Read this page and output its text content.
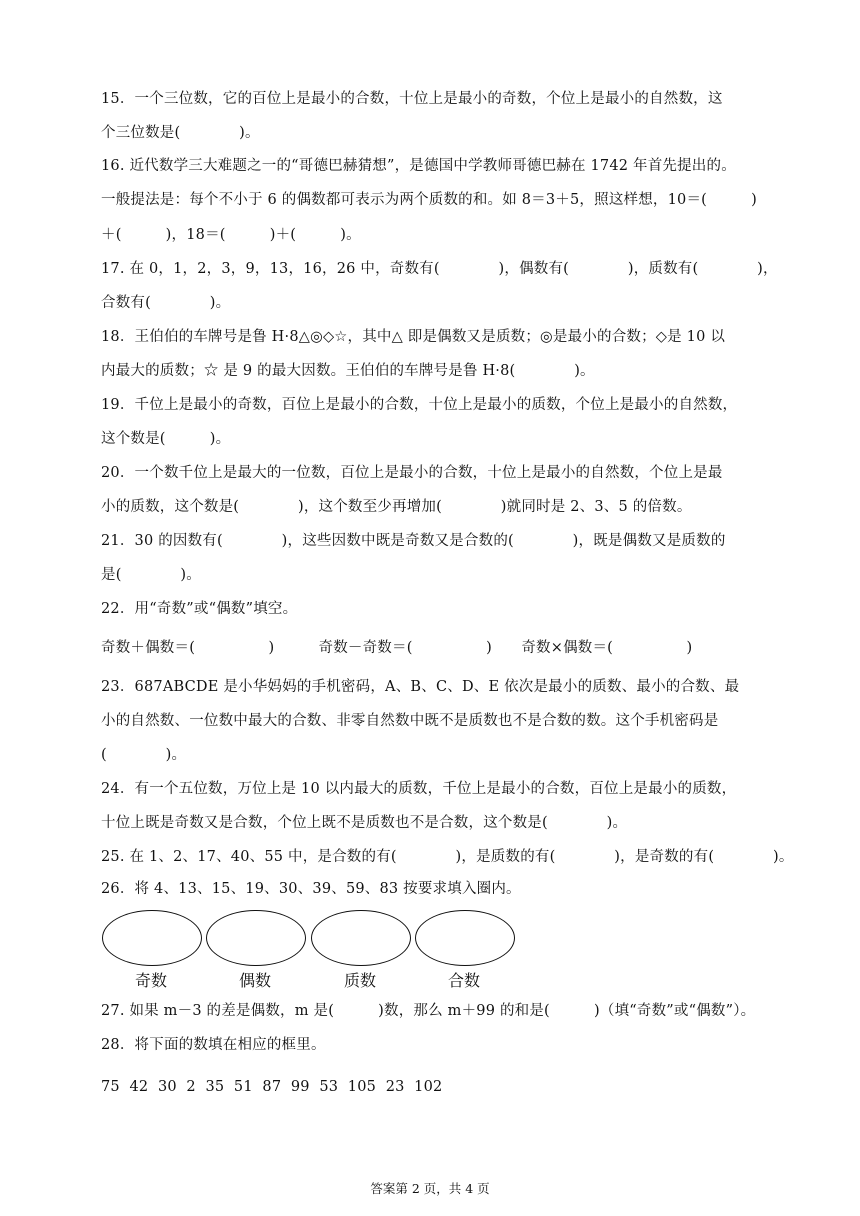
15．一个三位数，它的百位上是最小的合数，十位上是最小的奇数，个位上是最小的自然数，这
个三位数是(　　　　)。
16. 近代数学三大难题之一的“哥德巴赫猜想”，是德国中学教师哥德巴赫在 1742 年首先提出的。
一般提法是：每个不小于 6 的偶数都可表示为两个质数的和。如 8＝3＋5，照这样想，10＝(　　　)
＋(　　　)，18＝(　　　)＋(　　　)。
17. 在 0，1，2，3，9，13，16，26 中，奇数有(　　　　)，偶数有(　　　　)，质数有(　　　　)，
合数有(　　　　)。
18．王伯伯的车牌号是鲁 H·8△◎◇☆，其中△ 即是偶数又是质数；◎是最小的合数；◇是 10 以
内最大的质数；☆ 是 9 的最大因数。王伯伯的车牌号是鲁 H·8(　　　　)。
19．千位上是最小的奇数，百位上是最小的合数，十位上是最小的质数，个位上是最小的自然数，
这个数是(　　　)。
20．一个数千位上是最大的一位数，百位上是最小的合数，十位上是最小的自然数，个位上是最
小的质数，这个数是(　　　　)，这个数至少再增加(　　　　)就同时是 2、3、5 的倍数。
21．30 的因数有(　　　　)，这些因数中既是奇数又是合数的(　　　　)，既是偶数又是质数的
是(　　　　)。
22．用“奇数”或“偶数”填空。
奇数＋偶数＝(　　　　　)　　　奇数－奇数＝(　　　　　)　　奇数×偶数＝(　　　　　)
23．687ABCDE 是小华妈妈的手机密码，A、B、C、D、E 依次是最小的质数、最小的合数、最
小的自然数、一位数中最大的合数、非零自然数中既不是质数也不是合数的数。这个手机密码是
(　　　　)。
24．有一个五位数，万位上是 10 以内最大的质数，千位上是最小的合数，百位上是最小的质数，
十位上既是奇数又是合数，个位上既不是质数也不是合数，这个数是(　　　　)。
25. 在 1、2、17、40、55 中，是合数的有(　　　　)，是质数的有(　　　　)，是奇数的有(　　　　)。
26．将 4、13、15、19、30、39、59、83 按要求填入圈内。
奇数	偶数	质数	合数
27. 如果 m－3 的差是偶数，m 是(　　　)数，那么 m＋99 的和是(　　　)（填“奇数”或“偶数”）。
28．将下面的数填在相应的框里。
75  42  30  2  35  51  87  99  53  105  23  102
答案第 2 页，共 4 页
